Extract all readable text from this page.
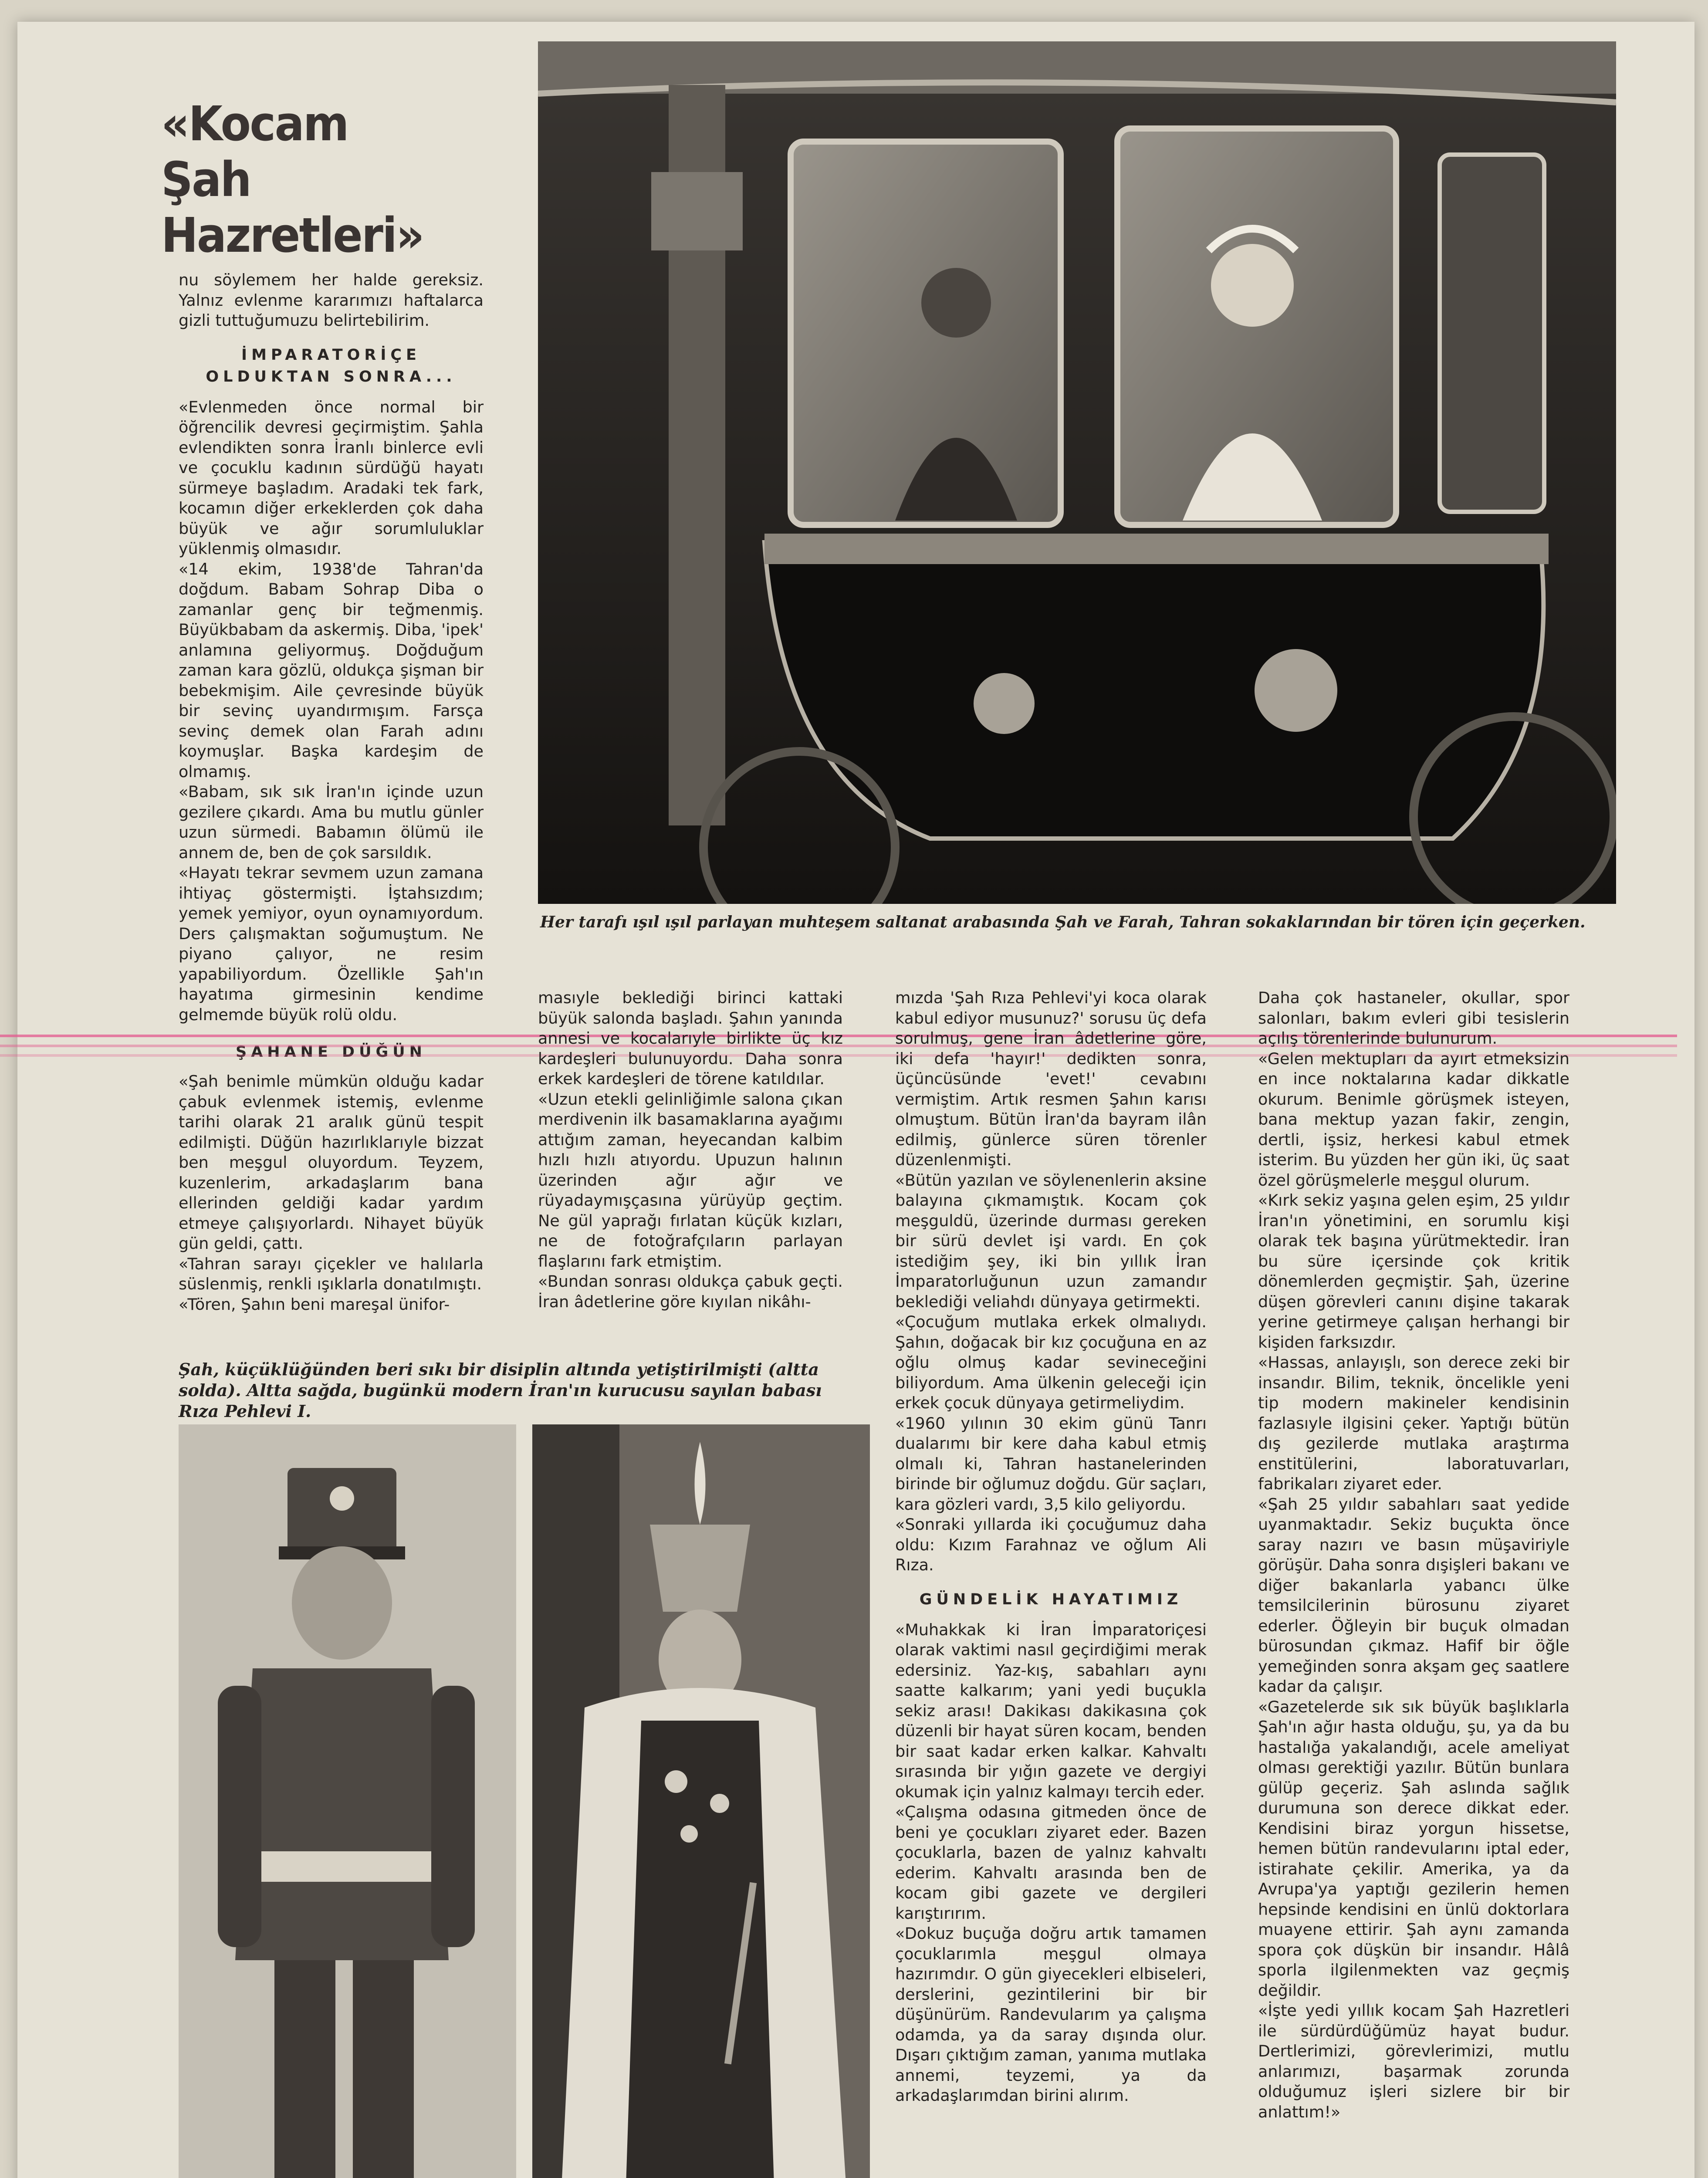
«Kocam Şah Hazretleri»

nu söylemem her halde gereksiz. Yalnız evlenme kararımızı haftalarca gizli tuttuğumuzu belirtebilirim.

İMPARATORİÇE OLDUKTAN SONRA...

«Evlenmeden önce normal bir öğrencilik devresi geçirmiştim. Şahla evlendikten sonra İranlı binlerce evli ve çocuklu kadının sürdüğü hayatı sürmeye başladım. Aradaki tek fark, kocamın diğer erkeklerden çok daha büyük ve ağır sorumluluklar yüklenmiş olmasıdır.

«14 ekim, 1938'de Tahran'da doğdum. Babam Sohrap Diba o zamanlar genç bir teğmenmiş. Büyükbabam da askermiş. Diba, 'ipek' anlamına geliyormuş. Doğduğum zaman kara gözlü, oldukça şişman bir bebekmişim. Aile çevresinde büyük bir sevinç uyandırmışım. Farsça sevinç demek olan Farah adını koymuşlar. Başka kardeşim de olmamış.

«Babam, sık sık İran'ın içinde uzun gezilere çıkardı. Ama bu mutlu günler uzun sürmedi. Babamın ölümü ile annem de, ben de çok sarsıldık.

«Hayatı tekrar sevmem uzun zamana ihtiyaç göstermişti. İştahsızdım; yemek yemiyor, oyun oynamıyordum. Ders çalışmaktan soğumuştum. Ne piyano çalıyor, ne resim yapabiliyordum. Özellikle Şah'ın hayatıma girmesinin kendime gelmemde büyük rolü oldu.

ŞAHANE DÜĞÜN

«Şah benimle mümkün olduğu kadar çabuk evlenmek istemiş, evlenme tarihi olarak 21 aralık günü tespit edilmişti. Düğün hazırlıklarıyle bizzat ben meşgul oluyordum. Teyzem, kuzenlerim, arkadaşlarım bana ellerinden geldiği kadar yardım etmeye çalışıyorlardı. Nihayet büyük gün geldi, çattı.

«Tahran sarayı çiçekler ve halılarla süslenmiş, renkli ışıklarla donatılmıştı.

«Tören, Şahın beni mareşal ünifor-

Her tarafı ışıl ışıl parlayan muhteşem saltanat arabasında Şah ve Farah, Tahran sokaklarından bir tören için geçerken.

masıyle beklediği birinci kattaki büyük salonda başladı. Şahın yanında annesi ve kocalarıyle birlikte üç kız kardeşleri bulunuyordu. Daha sonra erkek kardeşleri de törene katıldılar.

«Uzun etekli gelinliğimle salona çıkan merdivenin ilk basamaklarına ayağımı attığım zaman, heyecandan kalbim hızlı hızlı atıyordu. Upuzun halının üzerinden ağır ağır ve rüyadaymışçasına yürüyüp geçtim. Ne gül yaprağı fırlatan küçük kızları, ne de fotoğrafçıların parlayan flaşlarını fark etmiştim.

«Bundan sonrası oldukça çabuk geçti. İran âdetlerine göre kıyılan nikâhı-

mızda 'Şah Rıza Pehlevi'yi koca olarak kabul ediyor musunuz?' sorusu üç defa sorulmuş, gene İran âdetlerine göre, iki defa 'hayır!' dedikten sonra, üçüncüsünde 'evet!' cevabını vermiştim. Artık resmen Şahın karısı olmuştum. Bütün İran'da bayram ilân edilmiş, günlerce süren törenler düzenlenmişti.

«Bütün yazılan ve söylenenlerin aksine balayına çıkmamıştık. Kocam çok meşguldü, üzerinde durması gereken bir sürü devlet işi vardı. En çok istediğim şey, iki bin yıllık İran İmparatorluğunun uzun zamandır beklediği veliahdı dünyaya getirmekti.

«Çocuğum mutlaka erkek olmalıydı. Şahın, doğacak bir kız çocuğuna en az oğlu olmuş kadar sevineceğini biliyordum. Ama ülkenin geleceği için erkek çocuk dünyaya getirmeliydim.

«1960 yılının 30 ekim günü Tanrı dualarımı bir kere daha kabul etmiş olmalı ki, Tahran hastanelerinden birinde bir oğlumuz doğdu. Gür saçları, kara gözleri vardı, 3,5 kilo geliyordu.

«Sonraki yıllarda iki çocuğumuz daha oldu: Kızım Farahnaz ve oğlum Ali Rıza.

GÜNDELİK HAYATIMIZ

«Muhakkak ki İran İmparatoriçesi olarak vaktimi nasıl geçirdiğimi merak edersiniz. Yaz-kış, sabahları aynı saatte kalkarım; yani yedi buçukla sekiz arası! Dakikası dakikasına çok düzenli bir hayat süren kocam, benden bir saat kadar erken kalkar. Kahvaltı sırasında bir yığın gazete ve dergiyi okumak için yalnız kalmayı tercih eder.

«Çalışma odasına gitmeden önce de beni ye çocukları ziyaret eder. Bazen çocuklarla, bazen de yalnız kahvaltı ederim. Kahvaltı arasında ben de kocam gibi gazete ve dergileri karıştırırım.

«Dokuz buçuğa doğru artık tamamen çocuklarımla meşgul olmaya hazırımdır. O gün giyecekleri elbiseleri, derslerini, gezintilerini bir bir düşünürüm. Randevularım ya çalışma odamda, ya da saray dışında olur. Dışarı çıktığım zaman, yanıma mutlaka annemi, teyzemi, ya da arkadaşlarımdan birini alırım.

Daha çok hastaneler, okullar, spor salonları, bakım evleri gibi tesislerin açılış törenlerinde bulunurum.

«Gelen mektupları da ayırt etmeksizin en ince noktalarına kadar dikkatle okurum. Benimle görüşmek isteyen, bana mektup yazan fakir, zengin, dertli, işsiz, herkesi kabul etmek isterim. Bu yüzden her gün iki, üç saat özel görüşmelerle meşgul olurum.

«Kırk sekiz yaşına gelen eşim, 25 yıldır İran'ın yönetimini, en sorumlu kişi olarak tek başına yürütmektedir. İran bu süre içersinde çok kritik dönemlerden geçmiştir. Şah, üzerine düşen görevleri canını dişine takarak yerine getirmeye çalışan herhangi bir kişiden farksızdır.

«Hassas, anlayışlı, son derece zeki bir insandır. Bilim, teknik, öncelikle yeni tip modern makineler kendisinin fazlasıyle ilgisini çeker. Yaptığı bütün dış gezilerde mutlaka araştırma enstitülerini, laboratuvarları, fabrikaları ziyaret eder.

«Şah 25 yıldır sabahları saat yedide uyanmaktadır. Sekiz buçukta önce saray nazırı ve basın müşaviriyle görüşür. Daha sonra dışişleri bakanı ve diğer bakanlarla yabancı ülke temsilcilerinin bürosunu ziyaret ederler. Öğleyin bir buçuk olmadan bürosundan çıkmaz. Hafif bir öğle yemeğinden sonra akşam geç saatlere kadar da çalışır.

«Gazetelerde sık sık büyük başlıklarla Şah'ın ağır hasta olduğu, şu, ya da bu hastalığa yakalandığı, acele ameliyat olması gerektiği yazılır. Bütün bunlara gülüp geçeriz. Şah aslında sağlık durumuna son derece dikkat eder. Kendisini biraz yorgun hissetse, hemen bütün randevularını iptal eder, istirahate çekilir. Amerika, ya da Avrupa'ya yaptığı gezilerin hemen hepsinde kendisini en ünlü doktorlara muayene ettirir. Şah aynı zamanda spora çok düşkün bir insandır. Hâlâ sporla ilgilenmekten vaz geçmiş değildir.

«İşte yedi yıllık kocam Şah Hazretleri ile sürdürdüğümüz hayat budur. Dertlerimizi, görevlerimizi, mutlu anlarımızı, başarmak zorunda olduğumuz işleri sizlere bir bir anlattım!»

Şah, küçüklüğünden beri sıkı bir disiplin altında yetiştirilmişti (altta solda). Altta sağda, bugünkü modern İran'ın kurucusu sayılan babası Rıza Pehlevi I.
